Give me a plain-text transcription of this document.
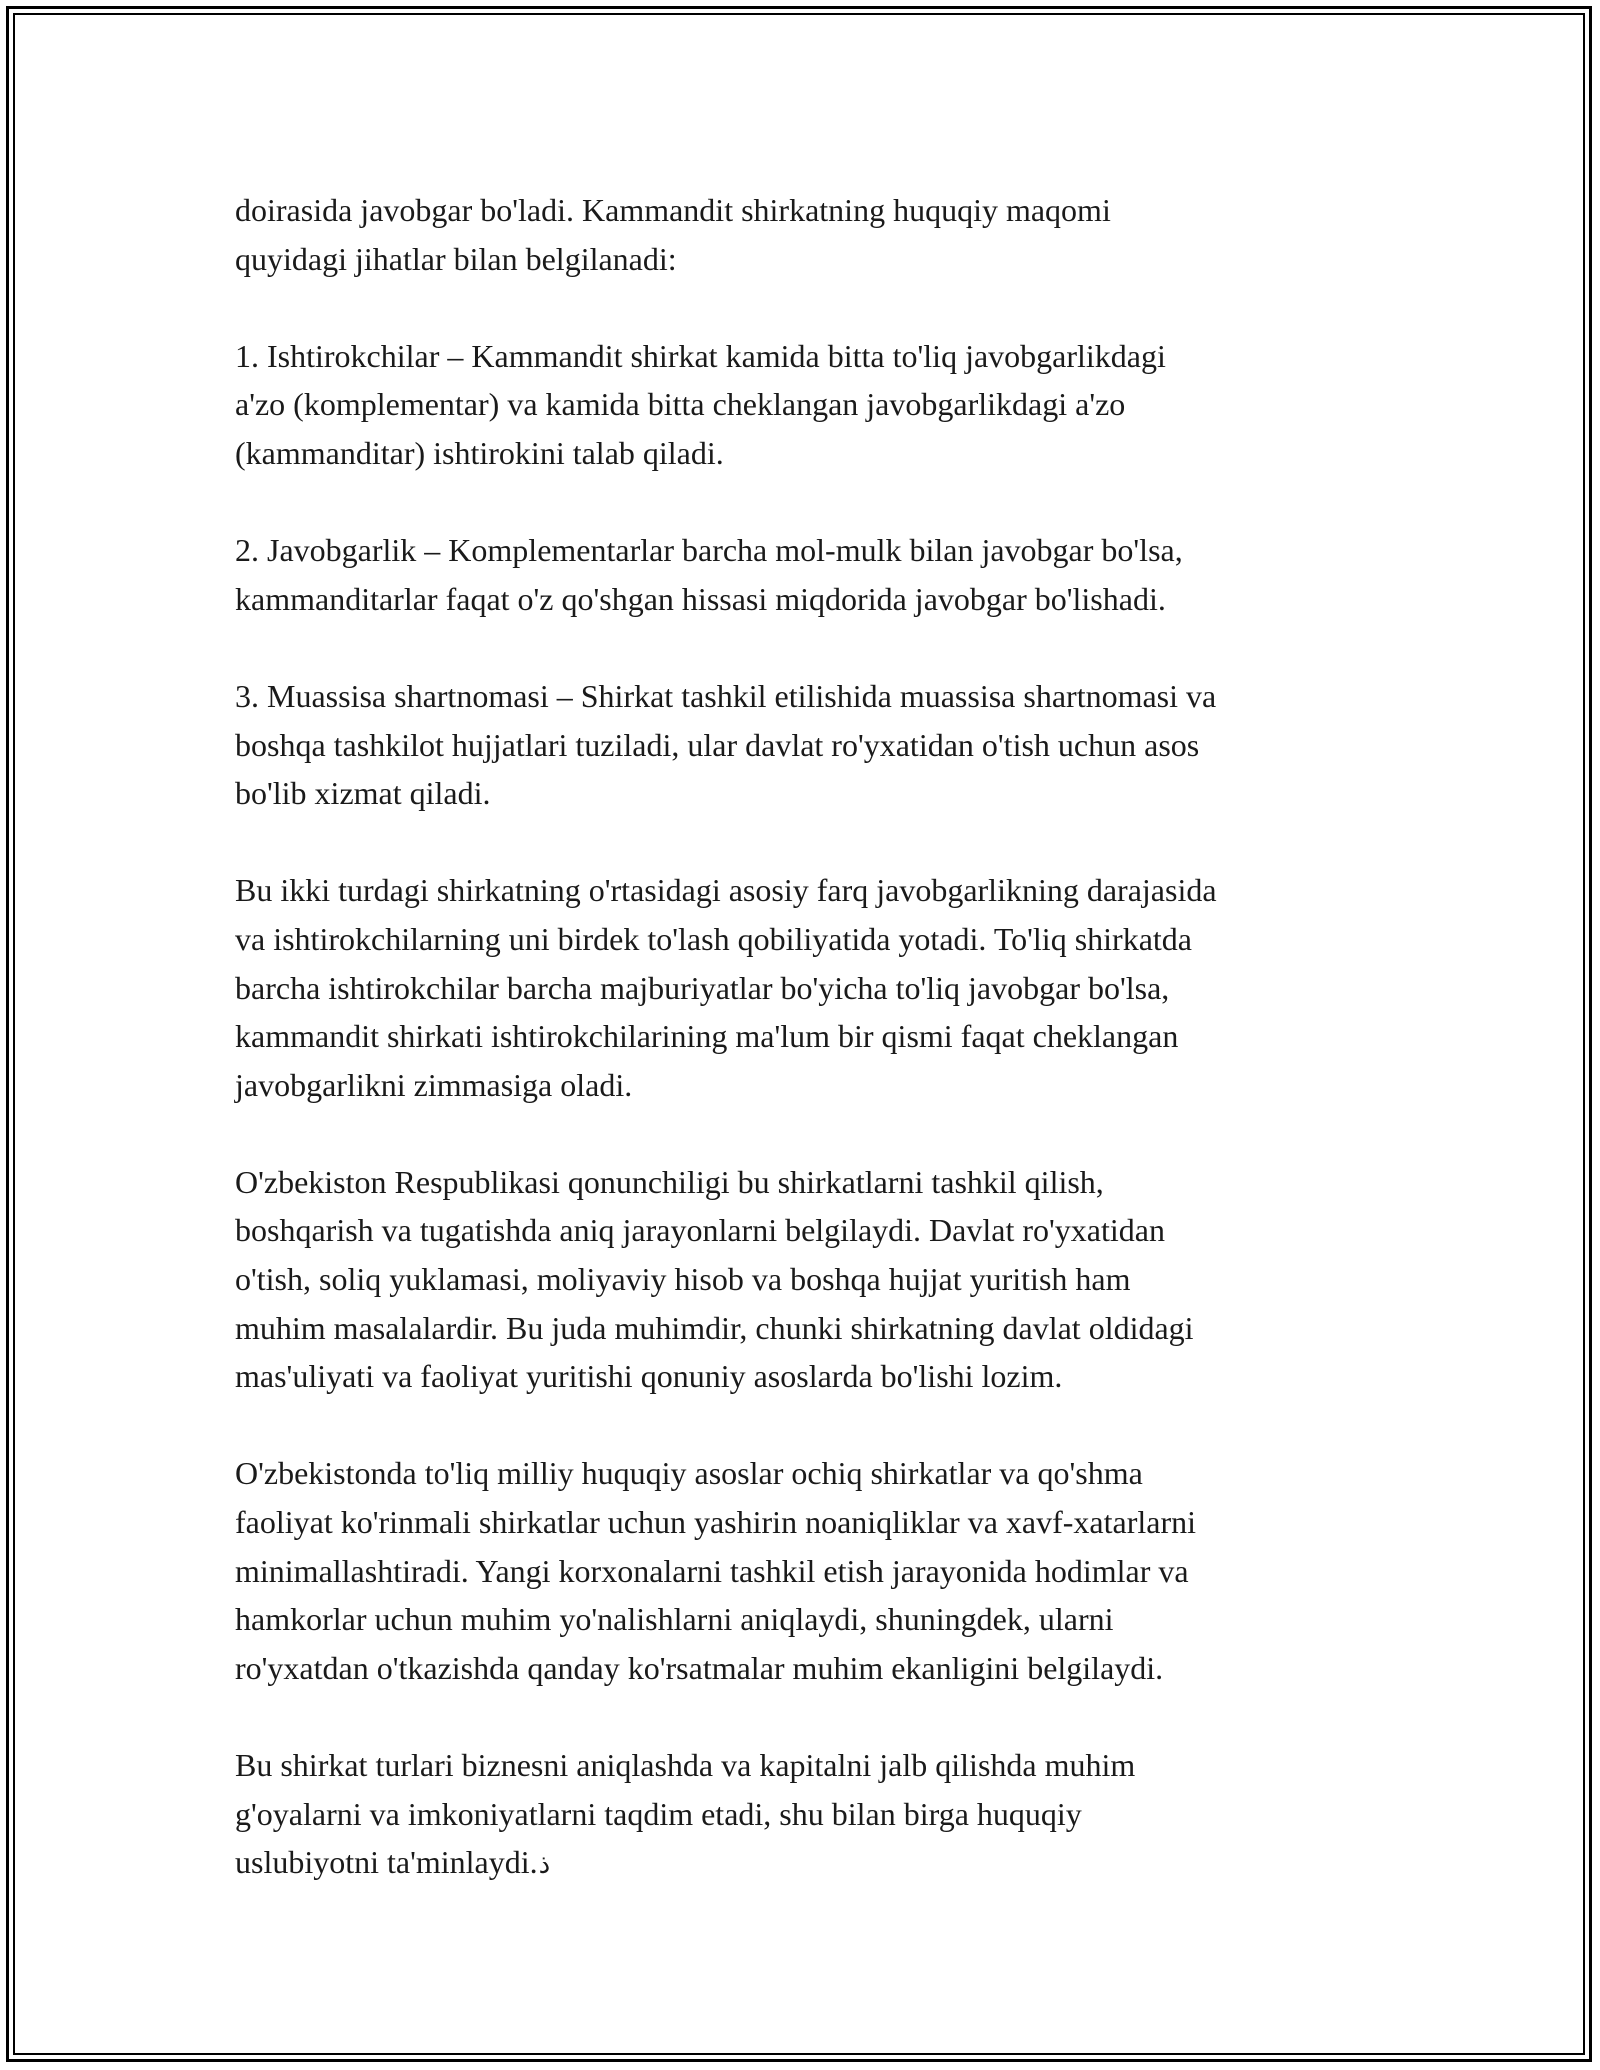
doirasida javobgar bo'ladi. Kammandit shirkatning huquqiy maqomi
quyidagi jihatlar bilan belgilanadi:

1. Ishtirokchilar – Kammandit shirkat kamida bitta to'liq javobgarlikdagi
a'zo (komplementar) va kamida bitta cheklangan javobgarlikdagi a'zo
(kammanditar) ishtirokini talab qiladi.

2. Javobgarlik – Komplementarlar barcha mol-mulk bilan javobgar bo'lsa,
kammanditarlar faqat o'z qo'shgan hissasi miqdorida javobgar bo'lishadi.

3. Muassisa shartnomasi – Shirkat tashkil etilishida muassisa shartnomasi va
boshqa tashkilot hujjatlari tuziladi, ular davlat ro'yxatidan o'tish uchun asos
bo'lib xizmat qiladi.

Bu ikki turdagi shirkatning o'rtasidagi asosiy farq javobgarlikning darajasida
va ishtirokchilarning uni birdek to'lash qobiliyatida yotadi. To'liq shirkatda
barcha ishtirokchilar barcha majburiyatlar bo'yicha to'liq javobgar bo'lsa,
kammandit shirkati ishtirokchilarining ma'lum bir qismi faqat cheklangan
javobgarlikni zimmasiga oladi.

O'zbekiston Respublikasi qonunchiligi bu shirkatlarni tashkil qilish,
boshqarish va tugatishda aniq jarayonlarni belgilaydi. Davlat ro'yxatidan
o'tish, soliq yuklamasi, moliyaviy hisob va boshqa hujjat yuritish ham
muhim masalalardir. Bu juda muhimdir, chunki shirkatning davlat oldidagi
mas'uliyati va faoliyat yuritishi qonuniy asoslarda bo'lishi lozim.

O'zbekistonda to'liq milliy huquqiy asoslar ochiq shirkatlar va qo'shma
faoliyat ko'rinmali shirkatlar uchun yashirin noaniqliklar va xavf-xatarlarni
minimallashtiradi. Yangi korxonalarni tashkil etish jarayonida hodimlar va
hamkorlar uchun muhim yo'nalishlarni aniqlaydi, shuningdek, ularni
ro'yxatdan o'tkazishda qanday ko'rsatmalar muhim ekanligini belgilaydi.

Bu shirkat turlari biznesni aniqlashda va kapitalni jalb qilishda muhim
g'oyalarni va imkoniyatlarni taqdim etadi, shu bilan birga huquqiy
uslubiyotni ta'minlaydi.ذ
